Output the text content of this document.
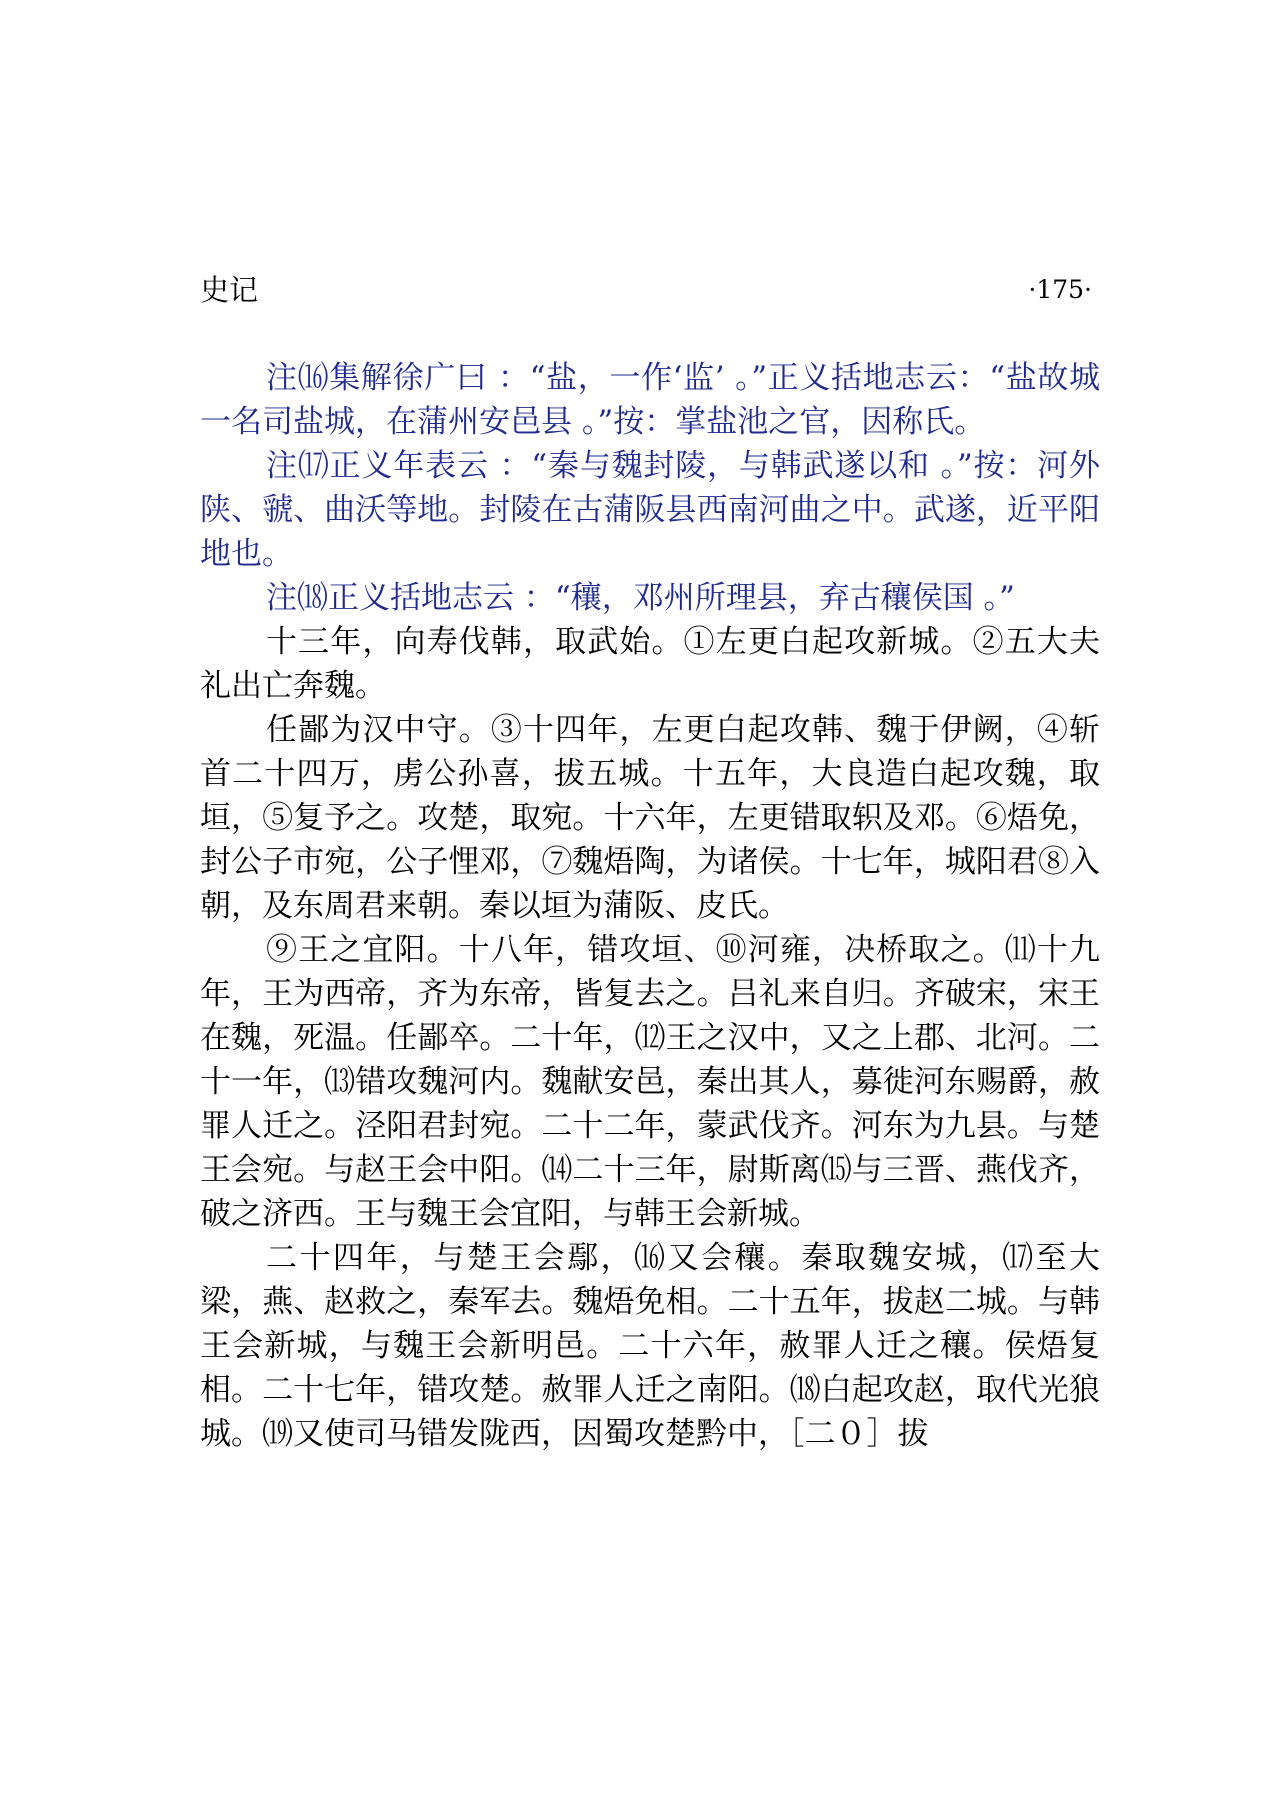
史记	·175·

注⒃集解徐广曰 ：“盐，一作‘监’ 。”正义括地志云：“盐故城一名司盐城，在蒲州安邑县 。”按：掌盐池之官，因称氏。

注⒄正义年表云 ：“秦与魏封陵，与韩武遂以和 。”按：河外陕、虢、曲沃等地。封陵在古蒲阪县西南河曲之中。武遂，近平阳地也。

注⒅正义括地志云 ：“穰，邓州所理县，弃古穰侯国 。”

十三年，向寿伐韩，取武始。①左更白起攻新城。②五大夫礼出亡奔魏。

任鄙为汉中守。③十四年，左更白起攻韩、魏于伊阙，④斩首二十四万，虏公孙喜，拔五城。十五年，大良造白起攻魏，取垣，⑤复予之。攻楚，取宛。十六年，左更错取轵及邓。⑥焐免，封公子市宛，公子悝邓，⑦魏焐陶，为诸侯。十七年，城阳君⑧入朝，及东周君来朝。秦以垣为蒲阪、皮氏。

⑨王之宜阳。十八年，错攻垣、⑩河雍，决桥取之。⑾十九年，王为西帝，齐为东帝，皆复去之。吕礼来自归。齐破宋，宋王在魏，死温。任鄙卒。二十年，⑿王之汉中，又之上郡、北河。二十一年，⒀错攻魏河内。魏献安邑，秦出其人，募徙河东赐爵，赦罪人迁之。泾阳君封宛。二十二年，蒙武伐齐。河东为九县。与楚王会宛。与赵王会中阳。⒁二十三年，尉斯离⒂与三晋、燕伐齐，破之济西。王与魏王会宜阳，与韩王会新城。

二十四年，与楚王会鄢，⒃又会穰。秦取魏安城，⒄至大梁，燕、赵救之，秦军去。魏焐免相。二十五年，拔赵二城。与韩王会新城，与魏王会新明邑。二十六年，赦罪人迁之穰。侯焐复相。二十七年，错攻楚。赦罪人迁之南阳。⒅白起攻赵，取代光狼城。⒆又使司马错发陇西，因蜀攻楚黔中，［二０］拔
